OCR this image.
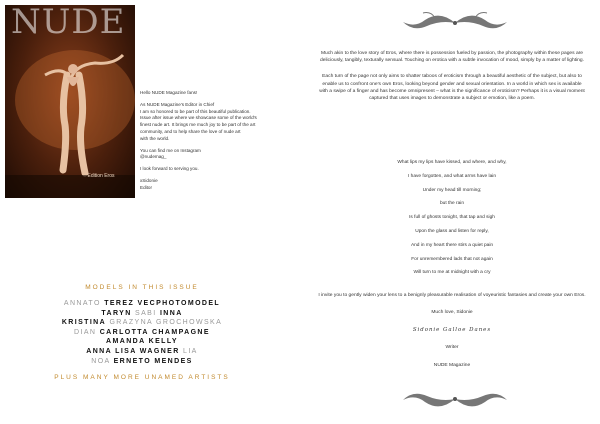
NUDE
Edition Eros

Hello NUDE Magazine fans!

As NUDE Magazine's Editor in Chief
I am so honored to be part of this beautiful publication.
Issue after issue where we showcase some of the world's
finest nude art. It brings me much joy to be part of the art
community, and to help share the love of nude art
with the world.

You can find me on Instagram
@nudemag_

I look forward to serving you.

xSidonie
Editor

MODELS IN THIS ISSUE
ANNATO TEREZ VECPHOTOMODEL
TARYN SABI INNA
KRISTINA GRAZYNA GROCHOWSKA
DIAN CARLOTTA CHAMPAGNE
AMANDA KELLY
ANNA LISA WAGNER LIA
NOA ERNETO MENDES
PLUS MANY MORE UNAMED ARTISTS

Much akin to the love story of Eros, where there is possession fueled by passion, the photography within these pages are deliciously, tangibly, texturally sensual. Touching on erotica with a subtle invocation of mood, simply by a matter of lighting.

Each turn of the page not only aims to shatter taboos of eroticism through a beautiful aesthetic of the subject, but also to enable us to confront one's own Eros, looking beyond gender and sexual orientation. In a world in which sex is available with a swipe of a finger and has become omnipresent – what is the significance of eroticism? Perhaps it is a visual moment captured that uses images to demonstrate a subject or emotion, like a poem.

What lips my lips have kissed, and where, and why,
I have forgotten, and what arms have lain
Under my head till morning;
but the rain
Is full of ghosts tonight, that tap and sigh
Upon the glass and listen for reply,
And in my heart there stirs a quiet pain
For unremembered lads that not again
Will turn to me at midnight with a cry

I invite you to gently widen your lens to a benignly pleasurable realisation of voyeuristic fantasies and create your own Eros.

Much love, Sidonie

Sidonie Galloe Danes

Writer

NUDE Magazine
